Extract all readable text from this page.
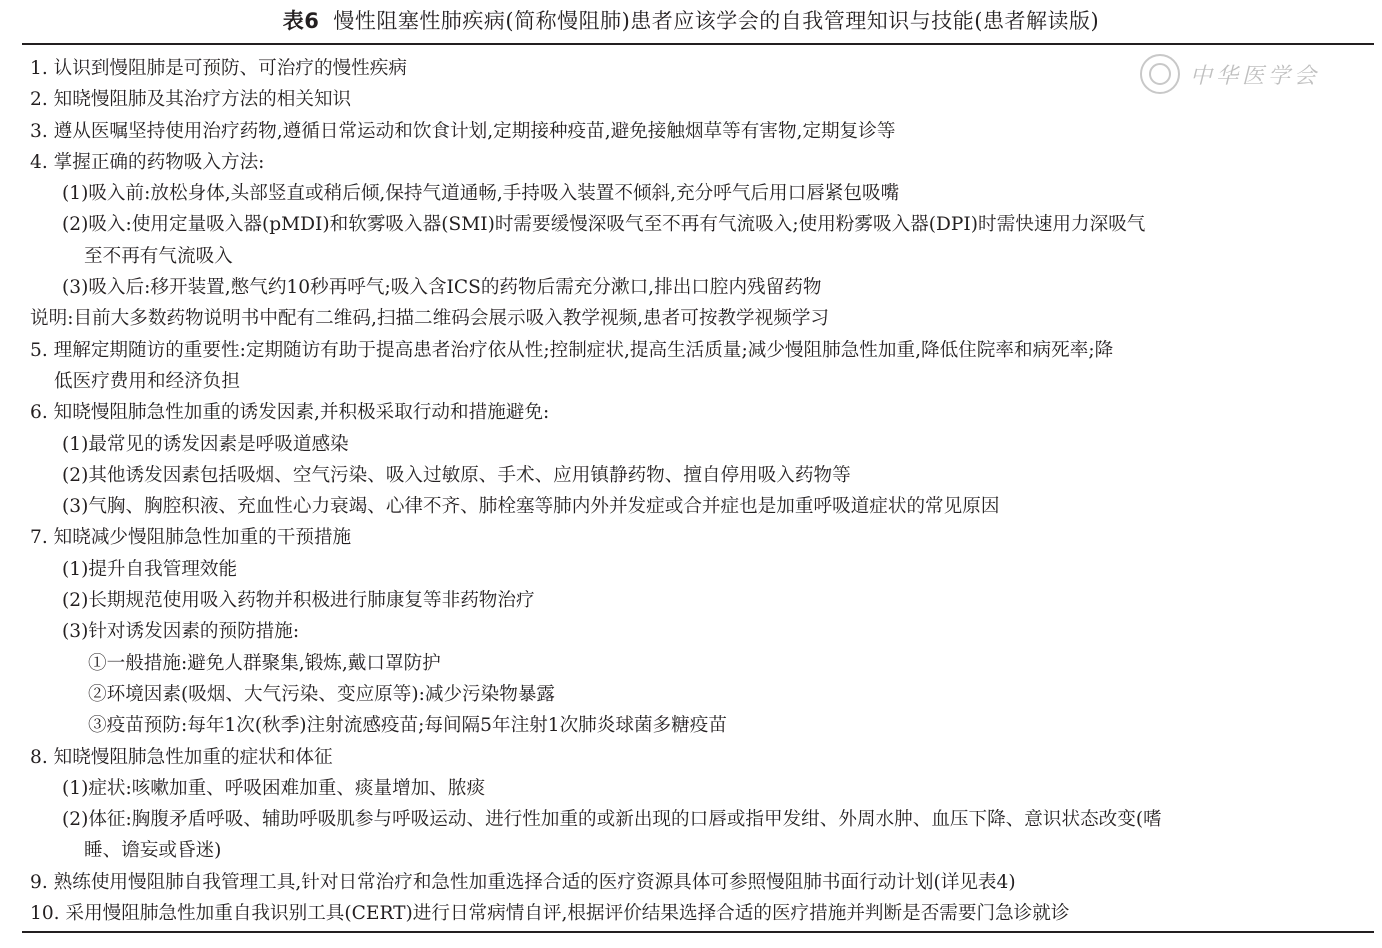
表6 慢性阻塞性肺疾病(简称慢阻肺)患者应该学会的自我管理知识与技能(患者解读版)
中华医学会
1. 认识到慢阻肺是可预防、可治疗的慢性疾病
2. 知晓慢阻肺及其治疗方法的相关知识
3. 遵从医嘱坚持使用治疗药物,遵循日常运动和饮食计划,定期接种疫苗,避免接触烟草等有害物,定期复诊等
4. 掌握正确的药物吸入方法:
(1)吸入前:放松身体,头部竖直或稍后倾,保持气道通畅,手持吸入装置不倾斜,充分呼气后用口唇紧包吸嘴
(2)吸入:使用定量吸入器(pMDI)和软雾吸入器(SMI)时需要缓慢深吸气至不再有气流吸入;使用粉雾吸入器(DPI)时需快速用力深吸气
至不再有气流吸入
(3)吸入后:移开装置,憋气约10秒再呼气;吸入含ICS的药物后需充分漱口,排出口腔内残留药物
说明:目前大多数药物说明书中配有二维码,扫描二维码会展示吸入教学视频,患者可按教学视频学习
5. 理解定期随访的重要性:定期随访有助于提高患者治疗依从性;控制症状,提高生活质量;减少慢阻肺急性加重,降低住院率和病死率;降
低医疗费用和经济负担
6. 知晓慢阻肺急性加重的诱发因素,并积极采取行动和措施避免:
(1)最常见的诱发因素是呼吸道感染
(2)其他诱发因素包括吸烟、空气污染、吸入过敏原、手术、应用镇静药物、擅自停用吸入药物等
(3)气胸、胸腔积液、充血性心力衰竭、心律不齐、肺栓塞等肺内外并发症或合并症也是加重呼吸道症状的常见原因
7. 知晓减少慢阻肺急性加重的干预措施
(1)提升自我管理效能
(2)长期规范使用吸入药物并积极进行肺康复等非药物治疗
(3)针对诱发因素的预防措施:
①一般措施:避免人群聚集,锻炼,戴口罩防护
②环境因素(吸烟、大气污染、变应原等):减少污染物暴露
③疫苗预防:每年1次(秋季)注射流感疫苗;每间隔5年注射1次肺炎球菌多糖疫苗
8. 知晓慢阻肺急性加重的症状和体征
(1)症状:咳嗽加重、呼吸困难加重、痰量增加、脓痰
(2)体征:胸腹矛盾呼吸、辅助呼吸肌参与呼吸运动、进行性加重的或新出现的口唇或指甲发绀、外周水肿、血压下降、意识状态改变(嗜
睡、谵妄或昏迷)
9. 熟练使用慢阻肺自我管理工具,针对日常治疗和急性加重选择合适的医疗资源具体可参照慢阻肺书面行动计划(详见表4)
10. 采用慢阻肺急性加重自我识别工具(CERT)进行日常病情自评,根据评价结果选择合适的医疗措施并判断是否需要门急诊就诊
